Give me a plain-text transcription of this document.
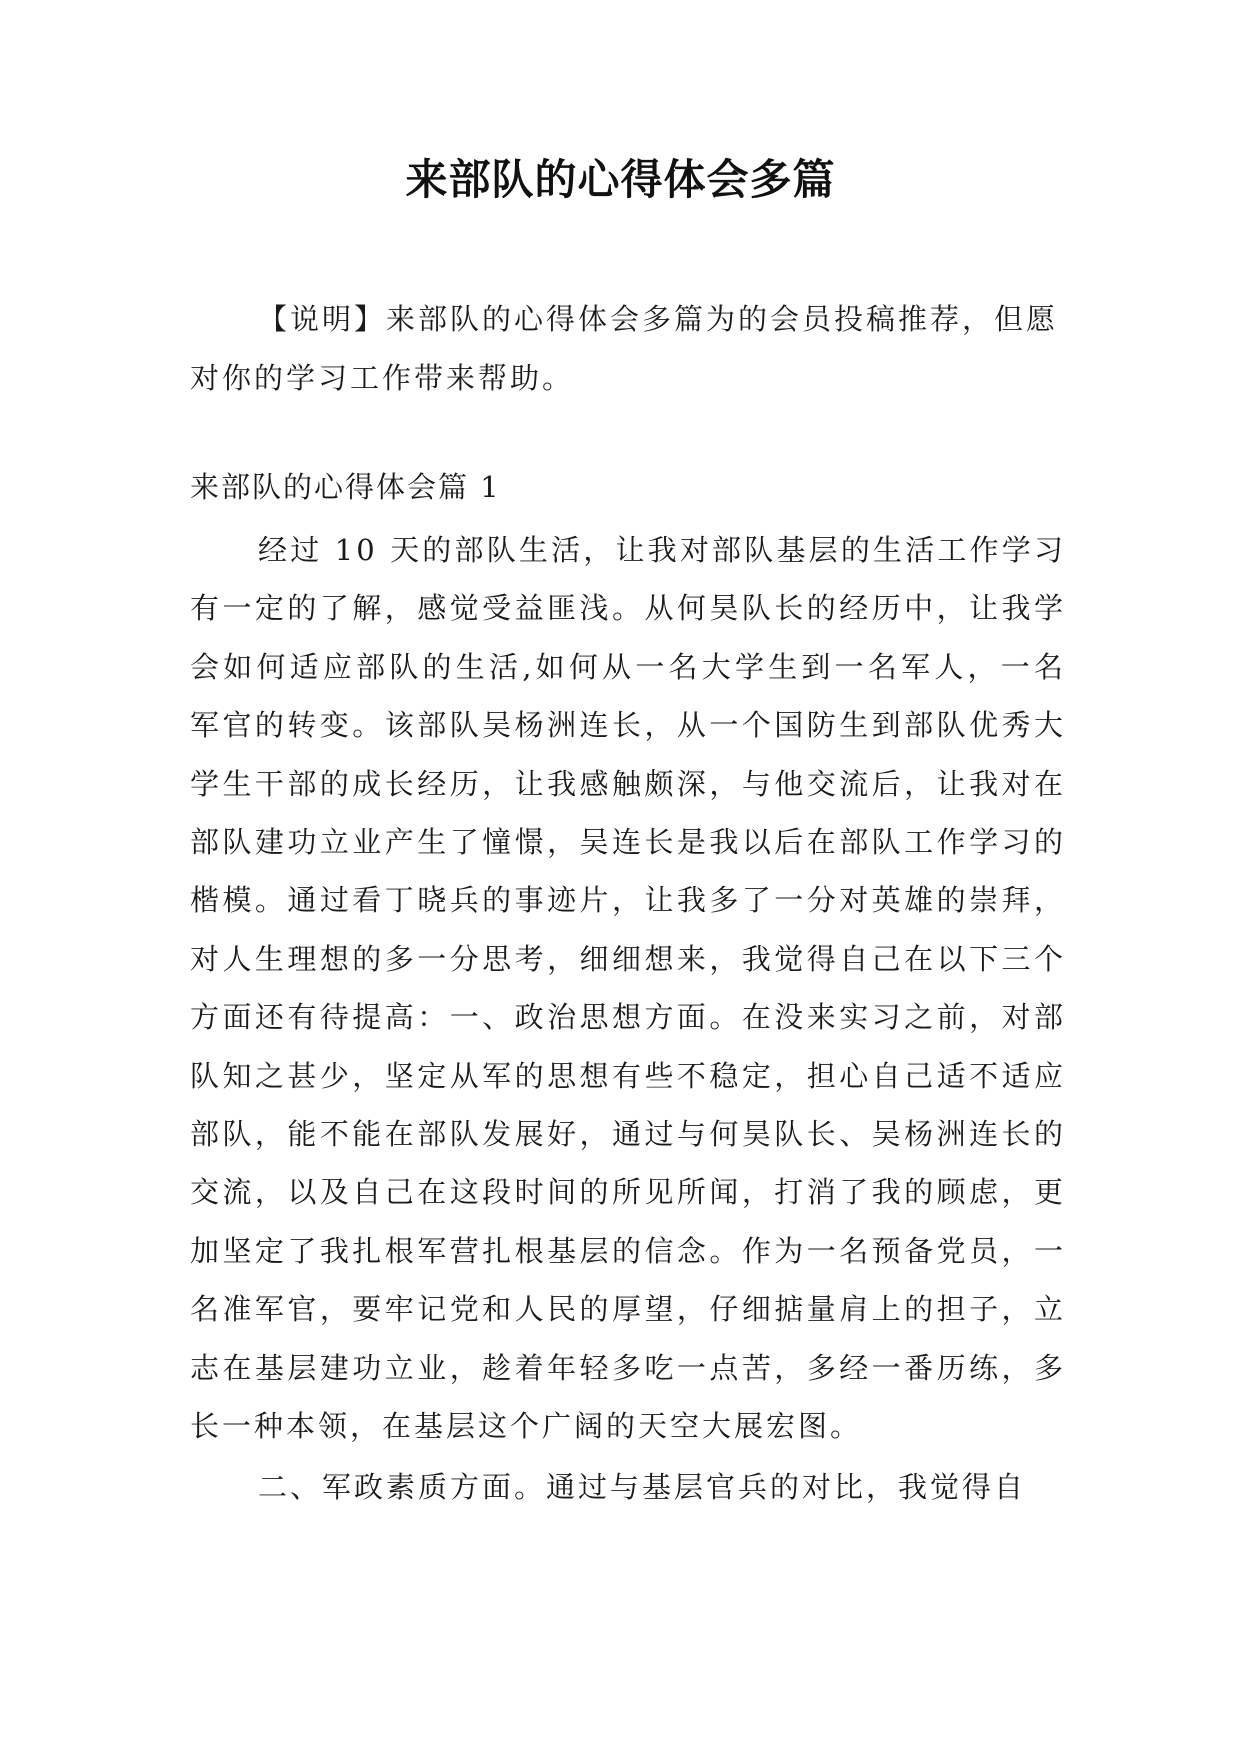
来部队的心得体会多篇

【说明】来部队的心得体会多篇为的会员投稿推荐，但愿对你的学习工作带来帮助。

来部队的心得体会篇 1

经过 10 天的部队生活，让我对部队基层的生活工作学习有一定的了解，感觉受益匪浅。从何昊队长的经历中，让我学会如何适应部队的生活,如何从一名大学生到一名军人，一名军官的转变。该部队吴杨洲连长，从一个国防生到部队优秀大学生干部的成长经历，让我感触颇深，与他交流后，让我对在部队建功立业产生了憧憬，吴连长是我以后在部队工作学习的楷模。通过看丁晓兵的事迹片，让我多了一分对英雄的崇拜，对人生理想的多一分思考，细细想来，我觉得自己在以下三个方面还有待提高：一、政治思想方面。在没来实习之前，对部队知之甚少，坚定从军的思想有些不稳定，担心自己适不适应部队，能不能在部队发展好，通过与何昊队长、吴杨洲连长的交流，以及自己在这段时间的所见所闻，打消了我的顾虑，更加坚定了我扎根军营扎根基层的信念。作为一名预备党员，一名准军官，要牢记党和人民的厚望，仔细掂量肩上的担子，立志在基层建功立业，趁着年轻多吃一点苦，多经一番历练，多长一种本领，在基层这个广阔的天空大展宏图。

二、军政素质方面。通过与基层官兵的对比，我觉得自
